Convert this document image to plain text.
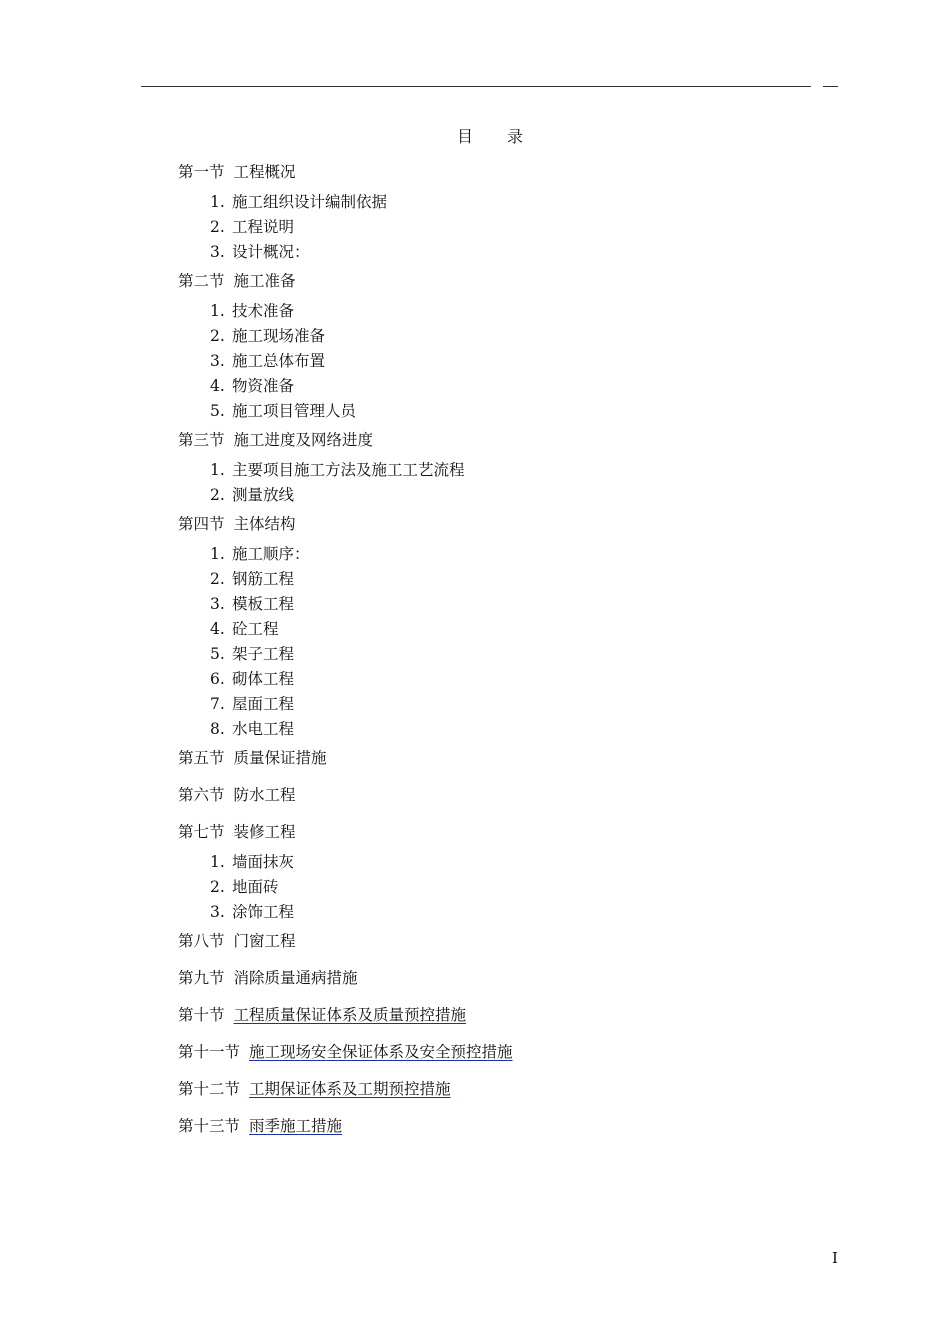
目 录
第一节 工程概况
1. 施工组织设计编制依据
2. 工程说明
3. 设计概况：
第二节 施工准备
1. 技术准备
2. 施工现场准备
3. 施工总体布置
4. 物资准备
5. 施工项目管理人员
第三节 施工进度及网络进度
1. 主要项目施工方法及施工工艺流程
2. 测量放线
第四节 主体结构
1. 施工顺序：
2. 钢筋工程
3. 模板工程
4. 砼工程
5. 架子工程
6. 砌体工程
7. 屋面工程
8. 水电工程
第五节 质量保证措施
第六节 防水工程
第七节 装修工程
1. 墙面抹灰
2. 地面砖
3. 涂饰工程
第八节 门窗工程
第九节 消除质量通病措施
第十节 工程质量保证体系及质量预控措施
第十一节 施工现场安全保证体系及安全预控措施
第十二节 工期保证体系及工期预控措施
第十三节 雨季施工措施
I
